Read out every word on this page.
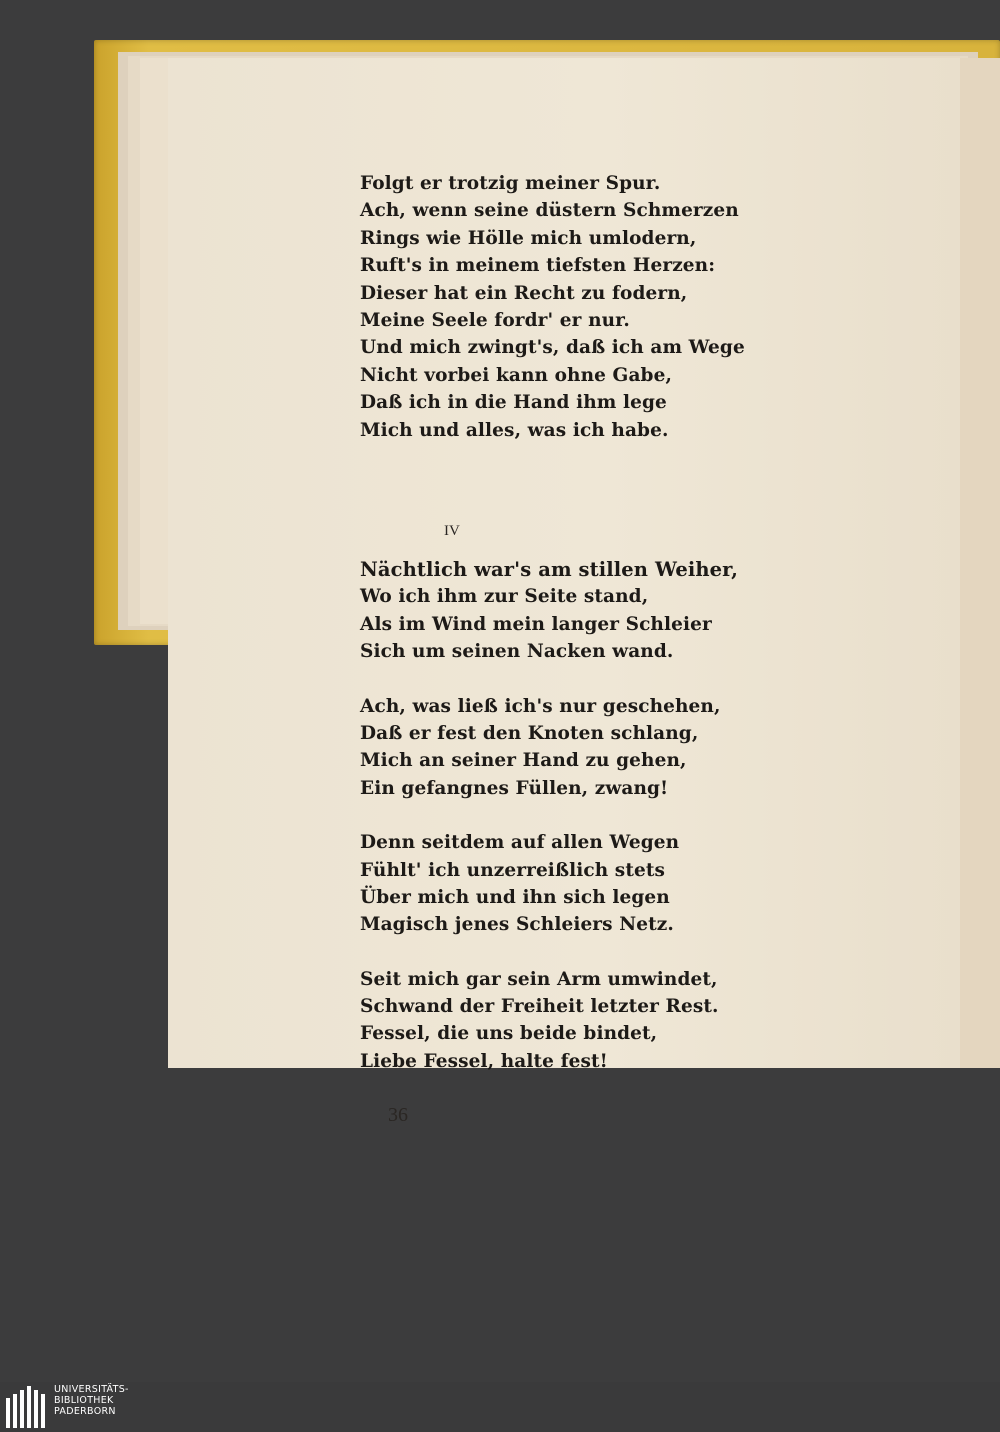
Folgt er trotzig meiner Spur.
Ach, wenn seine düstern Schmerzen
Rings wie Hölle mich umlodern,
Ruft's in meinem tiefsten Herzen:
Dieser hat ein Recht zu fodern,
Meine Seele fordr' er nur.
Und mich zwingt's, daß ich am Wege
Nicht vorbei kann ohne Gabe,
Daß ich in die Hand ihm lege
Mich und alles, was ich habe.
IV
Nächtlich war's am stillen Weiher,
Wo ich ihm zur Seite stand,
Als im Wind mein langer Schleier
Sich um seinen Nacken wand.
Ach, was ließ ich's nur geschehen,
Daß er fest den Knoten schlang,
Mich an seiner Hand zu gehen,
Ein gefangnes Füllen, zwang!
Denn seitdem auf allen Wegen
Fühlt' ich unzerreißlich stets
Über mich und ihn sich legen
Magisch jenes Schleiers Netz.
Seit mich gar sein Arm umwindet,
Schwand der Freiheit letzter Rest.
Fessel, die uns beide bindet,
Liebe Fessel, halte fest!
36
UNIVERSITÄTS-
BIBLIOTHEK
PADERBORN
